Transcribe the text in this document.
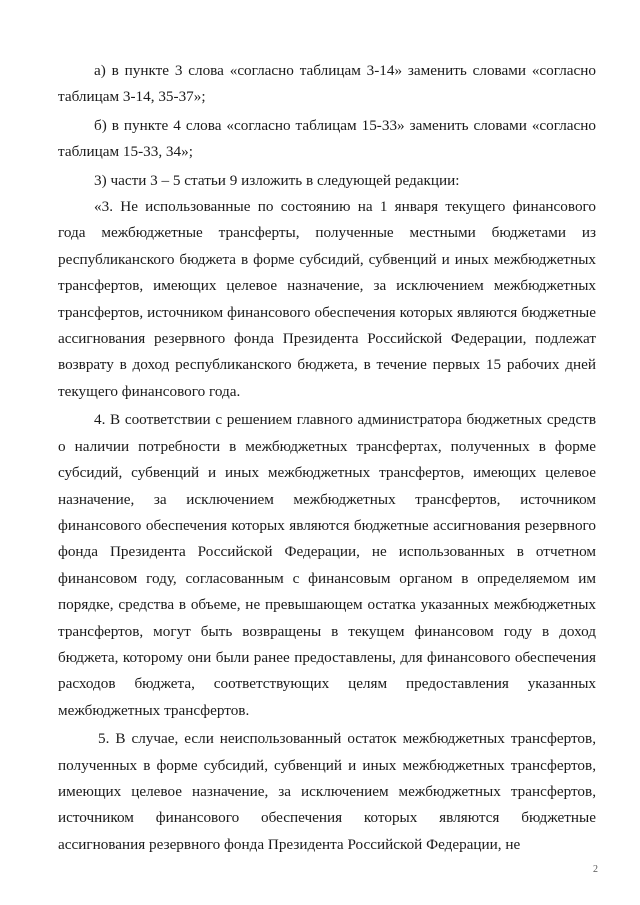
а) в пункте 3 слова «согласно таблицам 3-14» заменить словами «согласно таблицам 3-14, 35-37»;

б) в пункте 4 слова «согласно таблицам 15-33» заменить словами «согласно таблицам 15-33, 34»;

3) части 3 – 5 статьи 9 изложить в следующей редакции:

«3. Не использованные по состоянию на 1 января текущего финансового года межбюджетные трансферты, полученные местными бюджетами из республиканского бюджета в форме субсидий, субвенций и иных межбюджетных трансфертов, имеющих целевое назначение, за исключением межбюджетных трансфертов, источником финансового обеспечения которых являются бюджетные ассигнования резервного фонда Президента Российской Федерации, подлежат возврату в доход республиканского бюджета, в течение первых 15 рабочих дней текущего финансового года.

4. В соответствии с решением главного администратора бюджетных средств о наличии потребности в межбюджетных трансфертах, полученных в форме субсидий, субвенций и иных межбюджетных трансфертов, имеющих целевое назначение, за исключением межбюджетных трансфертов, источником финансового обеспечения которых являются бюджетные ассигнования резервного фонда Президента Российской Федерации, не использованных в отчетном финансовом году, согласованным с финансовым органом в определяемом им порядке, средства в объеме, не превышающем остатка указанных межбюджетных трансфертов, могут быть возвращены в текущем финансовом году в доход бюджета, которому они были ранее предоставлены, для финансового обеспечения расходов бюджета, соответствующих целям предоставления указанных межбюджетных трансфертов.

5. В случае, если неиспользованный остаток межбюджетных трансфертов, полученных в форме субсидий, субвенций и иных межбюджетных трансфертов, имеющих целевое назначение, за исключением межбюджетных трансфертов, источником финансового обеспечения которых являются бюджетные ассигнования резервного фонда Президента Российской Федерации, не

2
